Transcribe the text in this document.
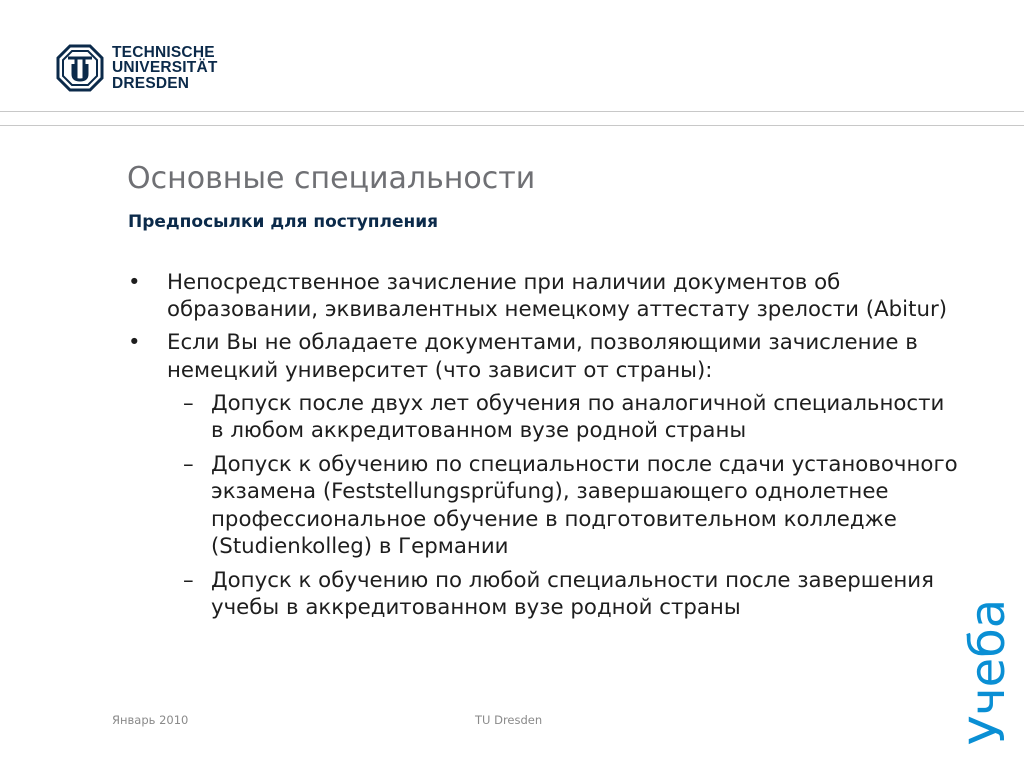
TECHNISCHE
UNIVERSITÄT
DRESDEN
Основные специальности
Предпосылки для поступления
• Непосредственное зачисление при наличии документов об образовании, эквивалентных немецкому аттестату зрелости (Abitur)
• Если Вы не обладаете документами, позволяющими зачисление в немецкий университет (что зависит от страны):
– Допуск после двух лет обучения по аналогичной специальности в любом аккредитованном вузе родной страны
– Допуск к обучению по специальности после сдачи установочного экзамена (Feststellungsprüfung), завершающего однолетнее профессиональное обучение в подготовительном колледже (Studienkolleg) в Германии
– Допуск к обучению по любой специальности после завершения учебы в аккредитованном вузе родной страны
Январь 2010	TU Dresden	Учеба
